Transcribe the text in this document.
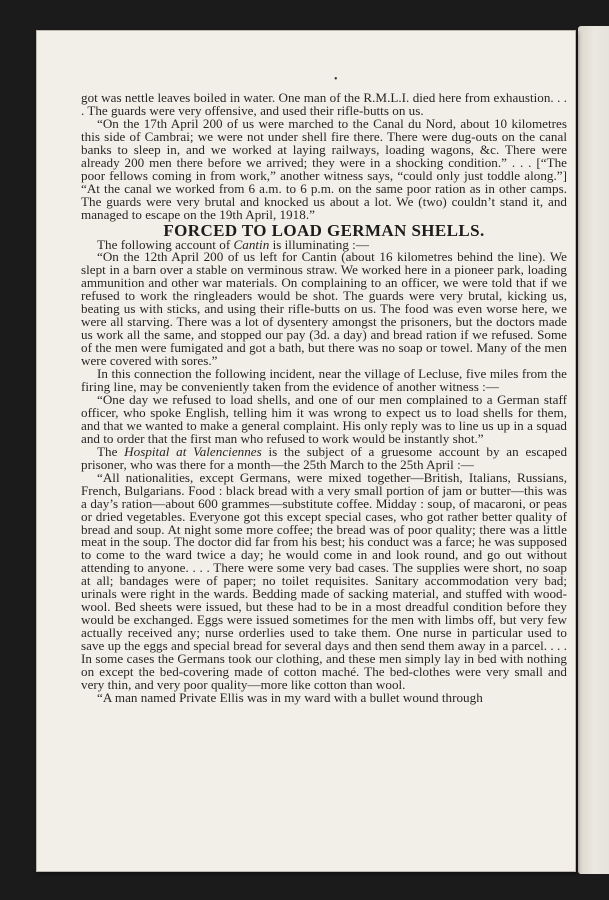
•

got was nettle leaves boiled in water. One man of the R.M.L.I. died here from exhaustion. . . . The guards were very offensive, and used their rifle-butts on us.

“On the 17th April 200 of us were marched to the Canal du Nord, about 10 kilometres this side of Cambrai; we were not under shell fire there. There were dug-outs on the canal banks to sleep in, and we worked at laying railways, loading wagons, &c. There were already 200 men there before we arrived; they were in a shocking condition.” . . . [“The poor fellows coming in from work,” another witness says, “could only just toddle along.”] “At the canal we worked from 6 a.m. to 6 p.m. on the same poor ration as in other camps. The guards were very brutal and knocked us about a lot. We (two) couldn’t stand it, and managed to escape on the 19th April, 1918.”

FORCED TO LOAD GERMAN SHELLS.

The following account of Cantin is illuminating :—

“On the 12th April 200 of us left for Cantin (about 16 kilometres behind the line). We slept in a barn over a stable on verminous straw. We worked here in a pioneer park, loading ammunition and other war materials. On complaining to an officer, we were told that if we refused to work the ringleaders would be shot. The guards were very brutal, kicking us, beating us with sticks, and using their rifle-butts on us. The food was even worse here, we were all starving. There was a lot of dysentery amongst the prisoners, but the doctors made us work all the same, and stopped our pay (3d. a day) and bread ration if we refused. Some of the men were fumigated and got a bath, but there was no soap or towel. Many of the men were covered with sores.”

In this connection the following incident, near the village of Lecluse, five miles from the firing line, may be conveniently taken from the evidence of another witness :—

“One day we refused to load shells, and one of our men complained to a German staff officer, who spoke English, telling him it was wrong to expect us to load shells for them, and that we wanted to make a general complaint. His only reply was to line us up in a squad and to order that the first man who refused to work would be instantly shot.”

The Hospital at Valenciennes is the subject of a gruesome account by an escaped prisoner, who was there for a month—the 25th March to the 25th April :—

“All nationalities, except Germans, were mixed together—British, Italians, Russians, French, Bulgarians. Food : black bread with a very small portion of jam or butter—this was a day’s ration—about 600 grammes—substitute coffee. Midday : soup, of macaroni, or peas or dried vegetables. Everyone got this except special cases, who got rather better quality of bread and soup. At night some more coffee; the bread was of poor quality; there was a little meat in the soup. The doctor did far from his best; his conduct was a farce; he was supposed to come to the ward twice a day; he would come in and look round, and go out without attending to anyone. . . . There were some very bad cases. The supplies were short, no soap at all; bandages were of paper; no toilet requisites. Sanitary accommodation very bad; urinals were right in the wards. Bedding made of sacking material, and stuffed with wood-wool. Bed sheets were issued, but these had to be in a most dreadful condition before they would be exchanged. Eggs were issued sometimes for the men with limbs off, but very few actually received any; nurse orderlies used to take them. One nurse in particular used to save up the eggs and special bread for several days and then send them away in a parcel. . . . In some cases the Germans took our clothing, and these men simply lay in bed with nothing on except the bed-covering made of cotton maché. The bed-clothes were very small and very thin, and very poor quality—more like cotton than wool.

“A man named Private Ellis was in my ward with a bullet wound through
